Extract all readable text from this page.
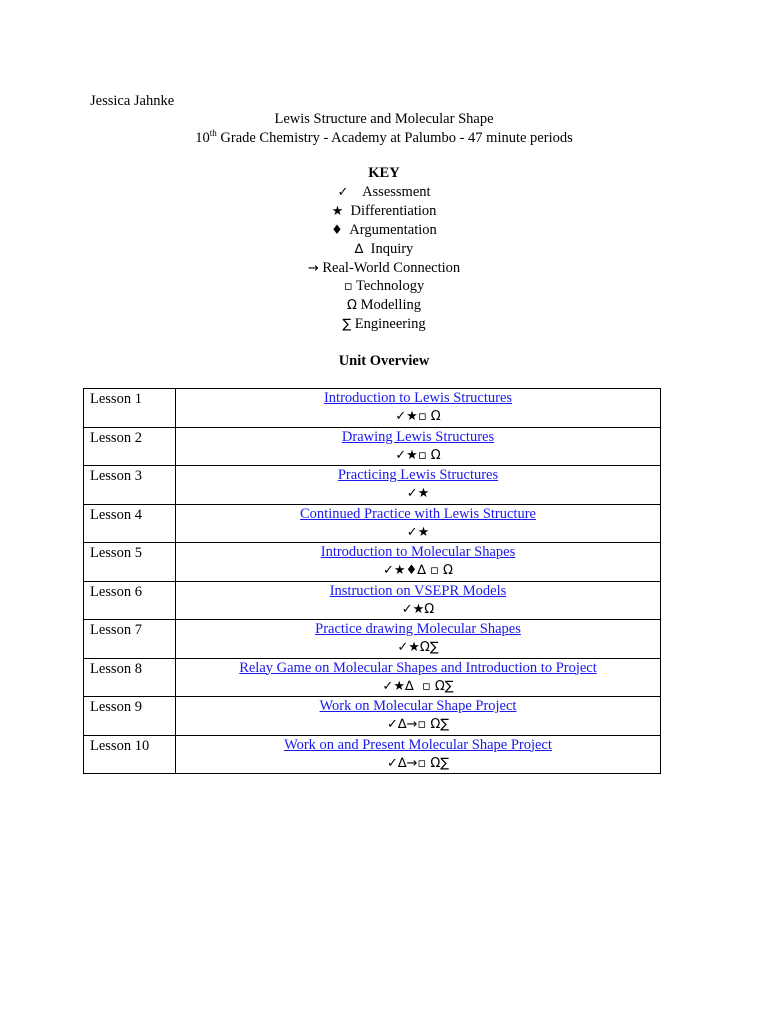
Jessica Jahnke
Lewis Structure and Molecular Shape
10th Grade Chemistry - Academy at Palumbo - 47 minute periods
KEY
✓ Assessment
★ Differentiation
♦ Argumentation
∆ Inquiry
→ Real-World Connection
▫ Technology
Ω Modelling
∑ Engineering
Unit Overview
Lesson 1	Introduction to Lewis Structures
✓★▫ Ω

Lesson 2	Drawing Lewis Structures
✓★▫ Ω

Lesson 3	Practicing Lewis Structures
✓★

Lesson 4	Continued Practice with Lewis Structure
✓★

Lesson 5	Introduction to Molecular Shapes
✓★♦∆ ▫ Ω

Lesson 6	Instruction on VSEPR Models
✓★Ω

Lesson 7	Practice drawing Molecular Shapes
✓★Ω∑

Lesson 8	Relay Game on Molecular Shapes and Introduction to Project
✓★∆  ▫ Ω∑

Lesson 9	Work on Molecular Shape Project
✓∆→▫ Ω∑

Lesson 10	Work on and Present Molecular Shape Project
✓∆→▫ Ω∑
